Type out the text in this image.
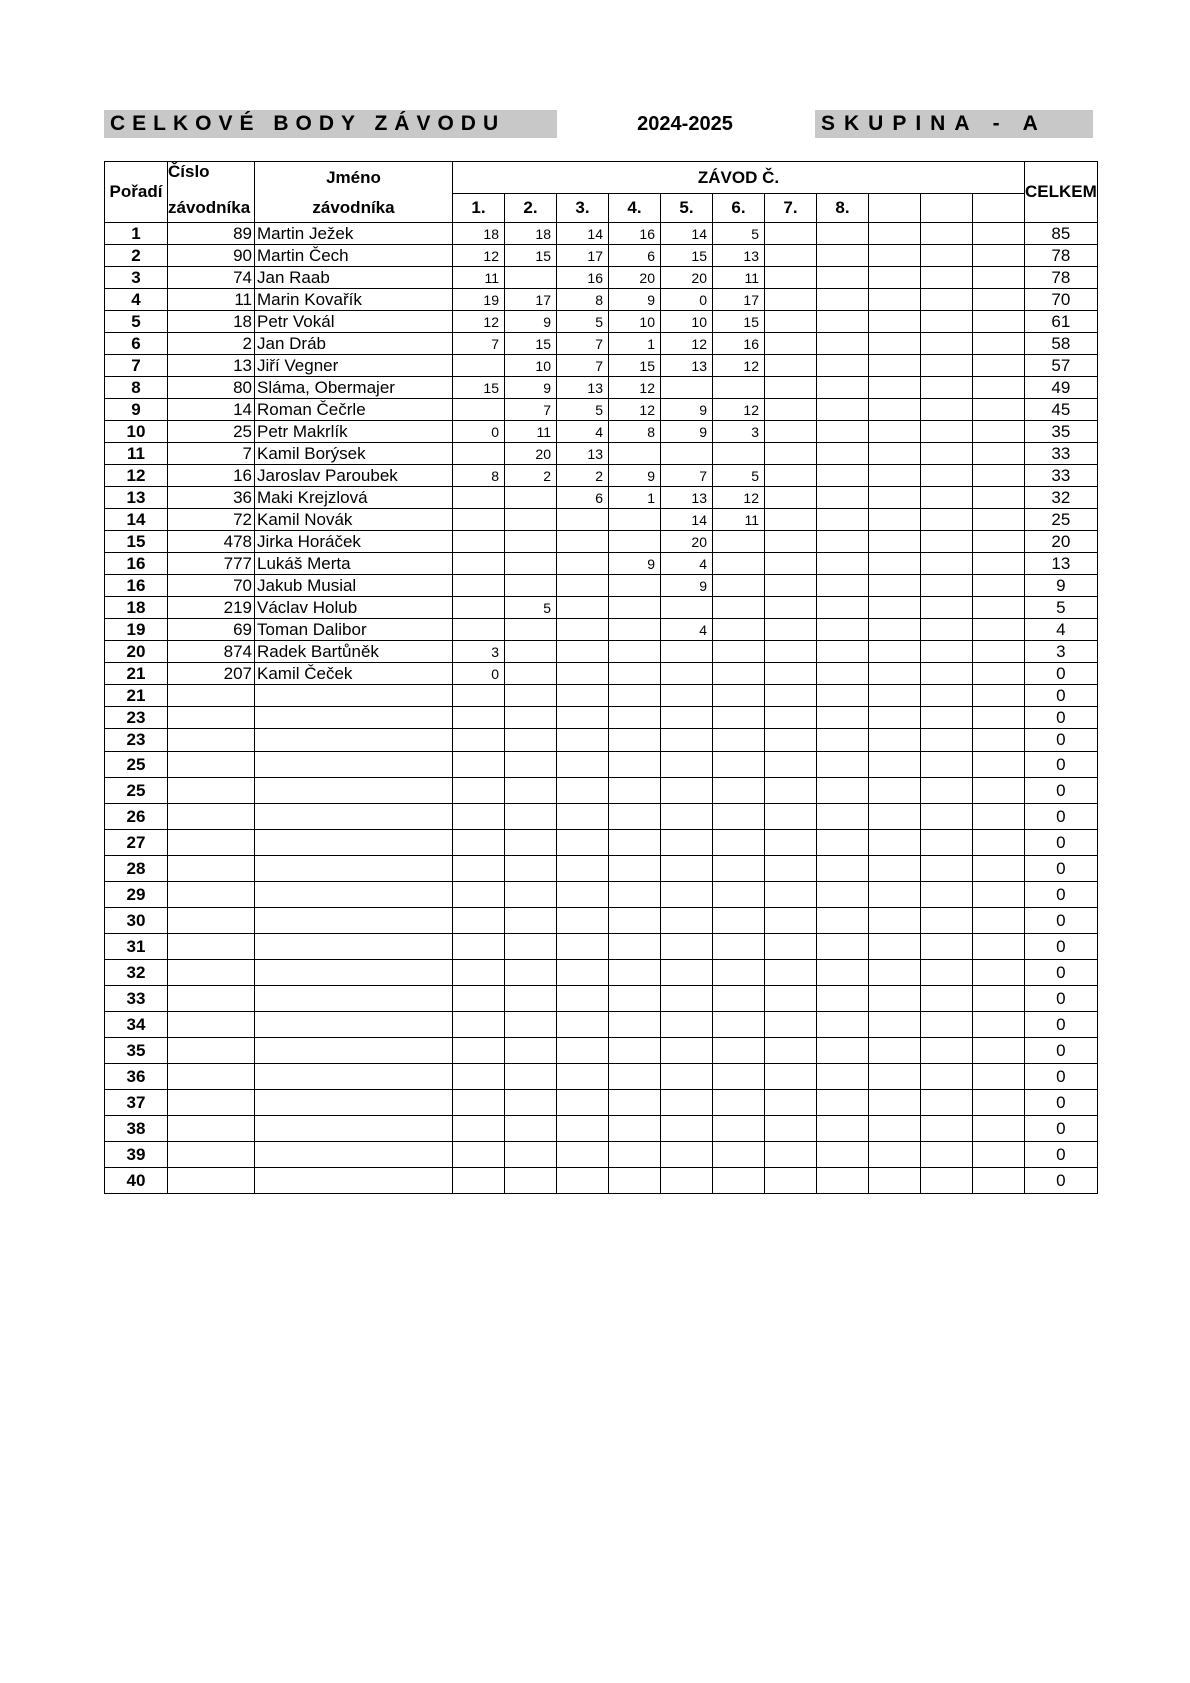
CELKOVÉ BODY ZÁVODU	2024-2025	SKUPINA - A
Pořadí	Číslo	Jméno	ZÁVOD Č.											CELKEM
	závodníka	závodníka	1.	2.	3.	4.	5.	6.	7.	8.				
1	89	Martin Ježek	18	18	14	16	14	5						85
2	90	Martin Čech	12	15	17	6	15	13						78
3	74	Jan Raab	11		16	20	20	11						78
4	11	Marin Kovařík	19	17	8	9	0	17						70
5	18	Petr Vokál	12	9	5	10	10	15						61
6	2	Jan Dráb	7	15	7	1	12	16						58
7	13	Jiří Vegner		10	7	15	13	12						57
8	80	Sláma, Obermajer	15	9	13	12								49
9	14	Roman Čečrle		7	5	12	9	12						45
10	25	Petr Makrlík	0	11	4	8	9	3						35
11	7	Kamil Borýsek		20	13									33
12	16	Jaroslav Paroubek	8	2	2	9	7	5						33
13	36	Maki Krejzlová			6	1	13	12						32
14	72	Kamil Novák					14	11						25
15	478	Jirka Horáček					20							20
16	777	Lukáš Merta				9	4							13
16	70	Jakub Musial					9							9
18	219	Václav Holub		5										5
19	69	Toman Dalibor					4							4
20	874	Radek Bartůněk	3											3
21	207	Kamil Čeček	0											0
21														0
23														0
23														0
25														0
25														0
26														0
27														0
28														0
29														0
30														0
31														0
32														0
33														0
34														0
35														0
36														0
37														0
38														0
39														0
40														0
